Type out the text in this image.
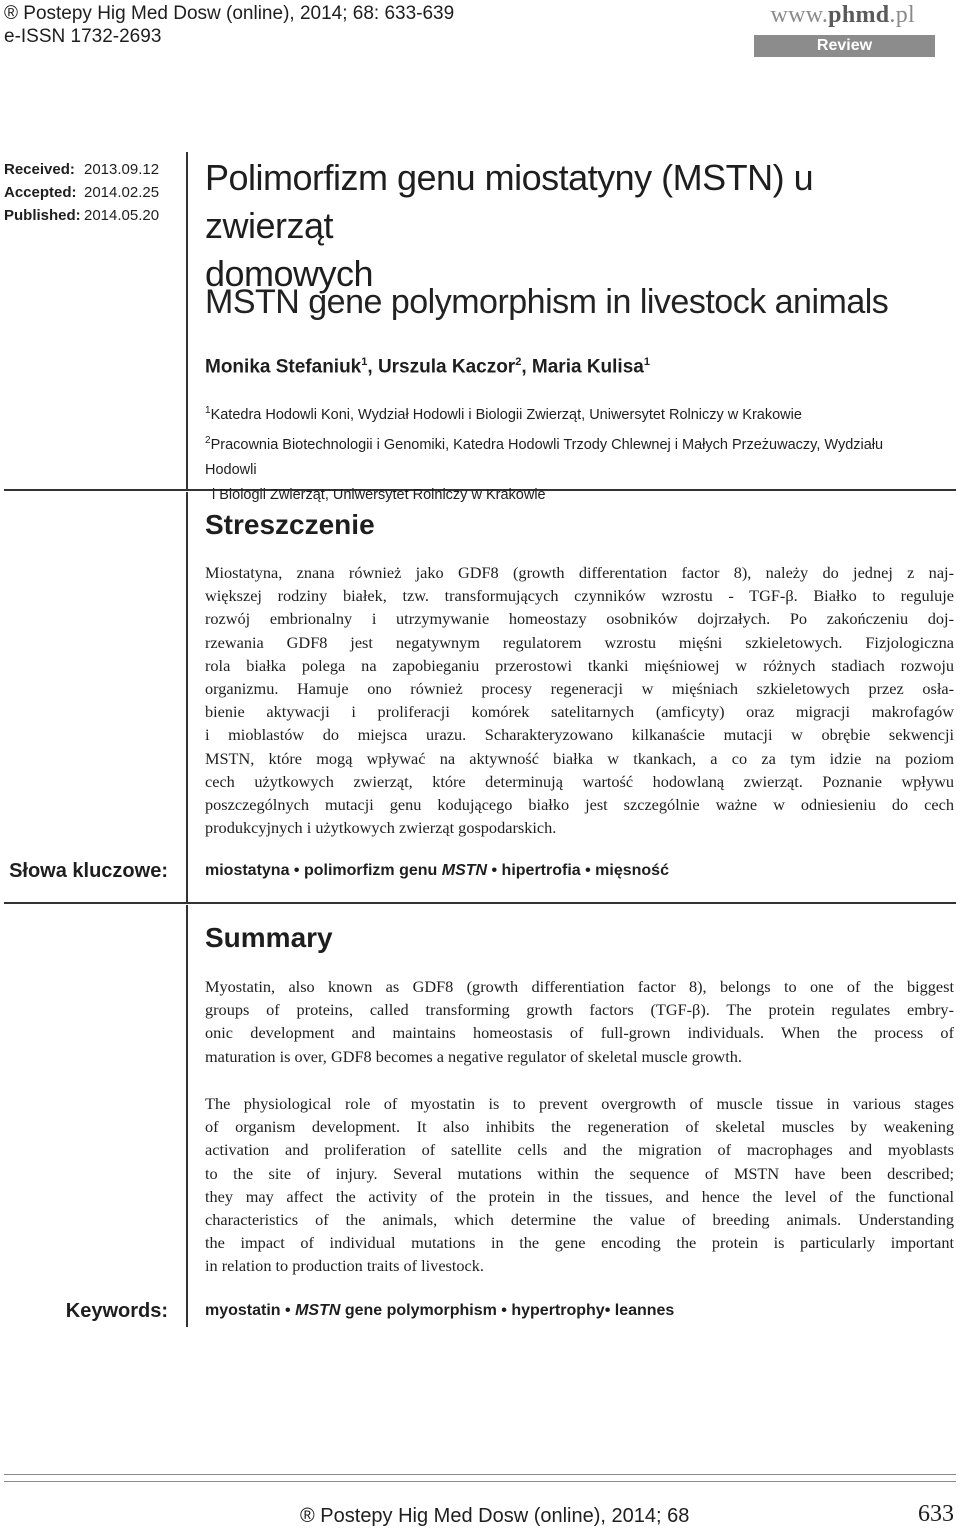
® Postepy Hig Med Dosw (online), 2014; 68: 633-639
e-ISSN 1732-2693
www.phmd.pl
Review
Received: 2013.09.12
Accepted: 2014.02.25
Published: 2014.05.20
Polimorfizm genu miostatyny (MSTN) u zwierząt
domowych
MSTN gene polymorphism in livestock animals
Monika Stefaniuk$^1$, Urszula Kaczor$^2$, Maria Kulisa$^1$
$^1$Katedra Hodowli Koni, Wydział Hodowli i Biologii Zwierząt, Uniwersytet Rolniczy w Krakowie
$^2$Pracownia Biotechnologii i Genomiki, Katedra Hodowli Trzody Chlewnej i Małych Przeżuwaczy, Wydziału Hodowli
i Biologii Zwierząt, Uniwersytet Rolniczy w Krakowie
Streszczenie
Miostatyna, znana również jako GDF8 (growth differentation factor 8), należy do jednej z naj-
większej rodziny białek, tzw. transformujących czynników wzrostu - TGF-β. Białko to reguluje
rozwój embrionalny i utrzymywanie homeostazy osobników dojrzałych. Po zakończeniu doj-
rzewania GDF8 jest negatywnym regulatorem wzrostu mięśni szkieletowych. Fizjologiczna
rola białka polega na zapobieganiu przerostowi tkanki mięśniowej w różnych stadiach rozwoju
organizmu. Hamuje ono również procesy regeneracji w mięśniach szkieletowych przez osła-
bienie aktywacji i proliferacji komórek satelitarnych (amficyty) oraz migracji makrofagów
i mioblastów do miejsca urazu. Scharakteryzowano kilkanaście mutacji w obrębie sekwencji
MSTN, które mogą wpływać na aktywność białka w tkankach, a co za tym idzie na poziom
cech użytkowych zwierząt, które determinują wartość hodowlaną zwierząt. Poznanie wpływu
poszczególnych mutacji genu kodującego białko jest szczególnie ważne w odniesieniu do cech
produkcyjnych i użytkowych zwierząt gospodarskich.
Słowa kluczowe: miostatyna • polimorfizm genu MSTN • hipertrofia • mięsność
Summary
Myostatin, also known as GDF8 (growth differentiation factor 8), belongs to one of the biggest
groups of proteins, called transforming growth factors (TGF-β). The protein regulates embry-
onic development and maintains homeostasis of full-grown individuals. When the process of
maturation is over, GDF8 becomes a negative regulator of skeletal muscle growth.
The physiological role of myostatin is to prevent overgrowth of muscle tissue in various stages
of organism development. It also inhibits the regeneration of skeletal muscles by weakening
activation and proliferation of satellite cells and the migration of macrophages and myoblasts
to the site of injury. Several mutations within the sequence of MSTN have been described;
they may affect the activity of the protein in the tissues, and hence the level of the functional
characteristics of the animals, which determine the value of breeding animals. Understanding
the impact of individual mutations in the gene encoding the protein is particularly important
in relation to production traits of livestock.
Keywords: myostatin • MSTN gene polymorphism • hypertrophy• leannes
® Postepy Hig Med Dosw (online), 2014; 68	633
